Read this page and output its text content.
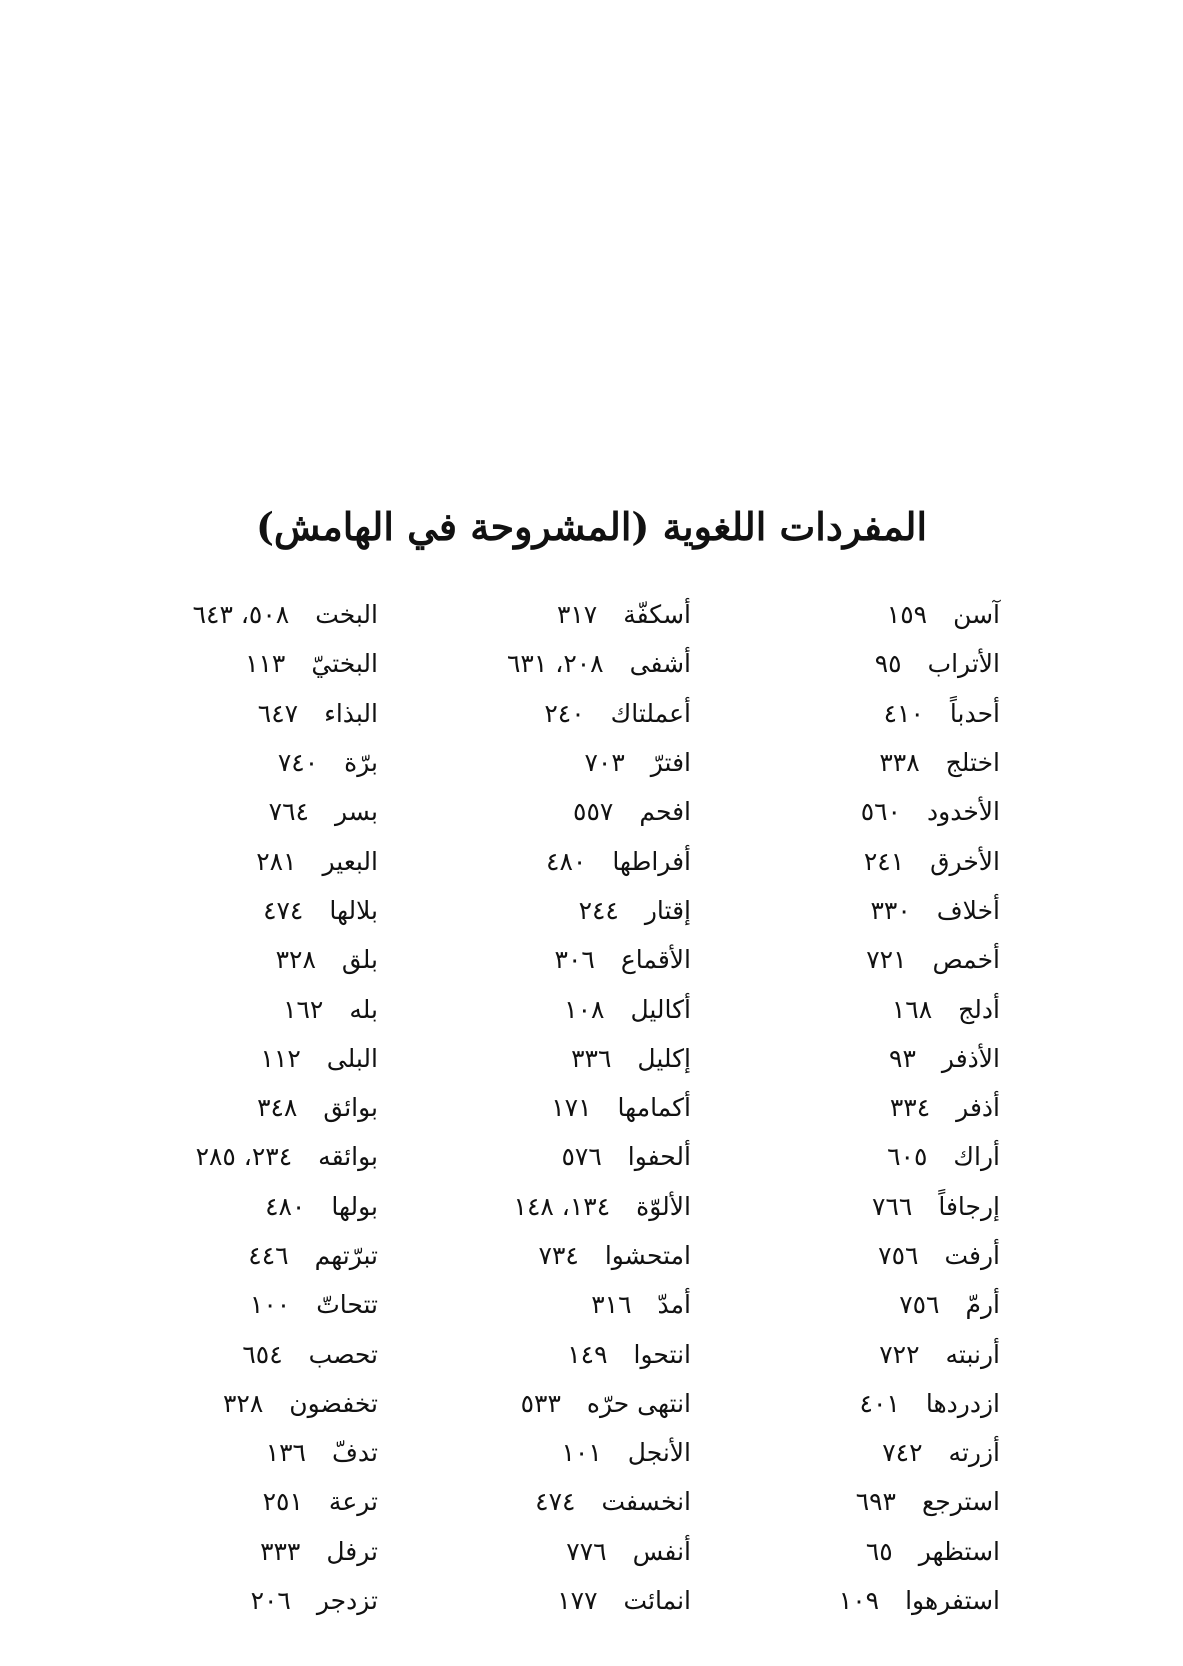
المفردات اللغوية (المشروحة في الهامش)
آسن
١٥٩
الأتراب
٩٥
أحدباً
٤١٠
اختلج
٣٣٨
الأخدود
٥٦٠
الأخرق
٢٤١
أخلاف
٣٣٠
أخمص
٧٢١
أدلج
١٦٨
الأذفر
٩٣
أذفر
٣٣٤
أراك
٦٠٥
إرجافاً
٧٦٦
أرفت
٧٥٦
أرمّ
٧٥٦
أرنبته
٧٢٢
ازدردها
٤٠١
أزرته
٧٤٢
استرجع
٦٩٣
استظهر
٦٥
استفرهوا
١٠٩
أسكفّة
٣١٧
أشفى
٢٠٨، ٦٣١
أعملتاك
٢٤٠
افترّ
٧٠٣
افحم
٥٥٧
أفراطها
٤٨٠
إقتار
٢٤٤
الأقماع
٣٠٦
أكاليل
١٠٨
إكليل
٣٣٦
أكمامها
١٧١
ألحفوا
٥٧٦
الألوّة
١٣٤، ١٤٨
امتحشوا
٧٣٤
أمدّ
٣١٦
انتحوا
١٤٩
انتهى حرّه
٥٣٣
الأنجل
١٠١
انخسفت
٤٧٤
أنفس
٧٧٦
انمائت
١٧٧
البخت
٥٠٨، ٦٤٣
البختيّ
١١٣
البذاء
٦٤٧
برّة
٧٤٠
بسر
٧٦٤
البعير
٢٨١
بلالها
٤٧٤
بلق
٣٢٨
بله
١٦٢
البلى
١١٢
بوائق
٣٤٨
بوائقه
٢٣٤، ٢٨٥
بولها
٤٨٠
تبرّتهم
٤٤٦
تتحاتّ
١٠٠
تحصب
٦٥٤
تخفضون
٣٢٨
تدفّ
١٣٦
ترعة
٢٥١
ترفل
٣٣٣
تزدجر
٢٠٦
